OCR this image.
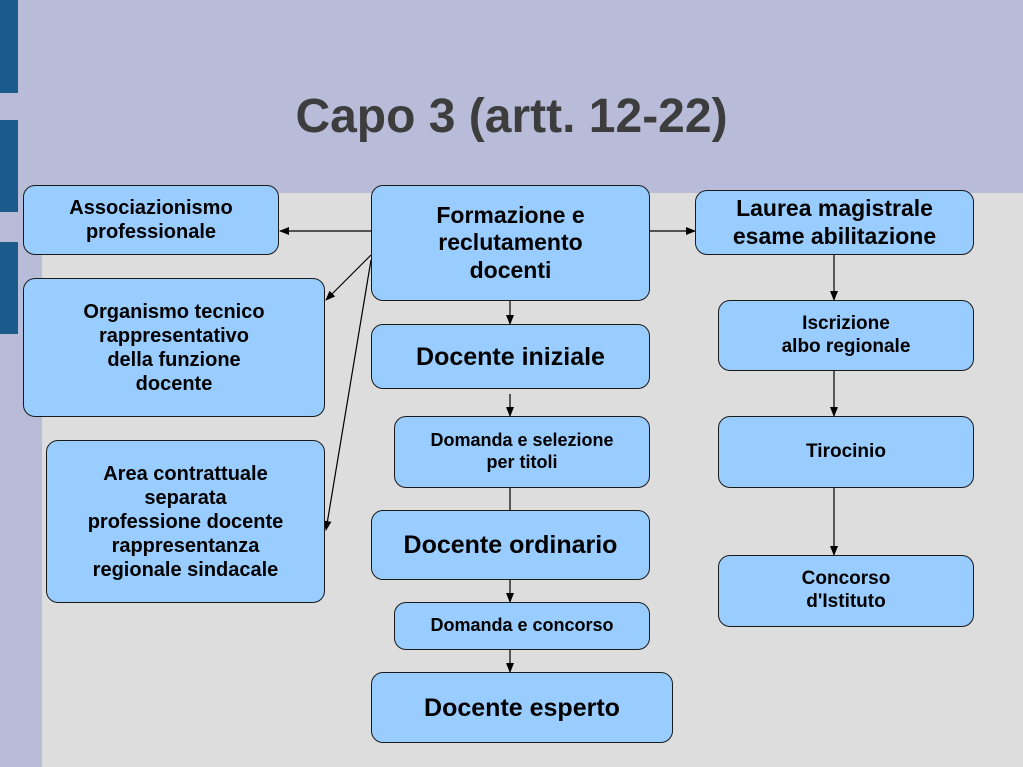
Capo 3 (artt. 12-22)
Associazionismo
professionale
Organismo tecnico
rappresentativo
della funzione
docente
Area contrattuale
separata
professione docente
rappresentanza
regionale sindacale
Formazione e
reclutamento
docenti
Docente iniziale
Domanda e selezione
per titoli
Docente ordinario
Domanda e concorso
Docente esperto
Laurea magistrale
esame abilitazione
Iscrizione
albo regionale
Tirocinio
Concorso
d'Istituto
